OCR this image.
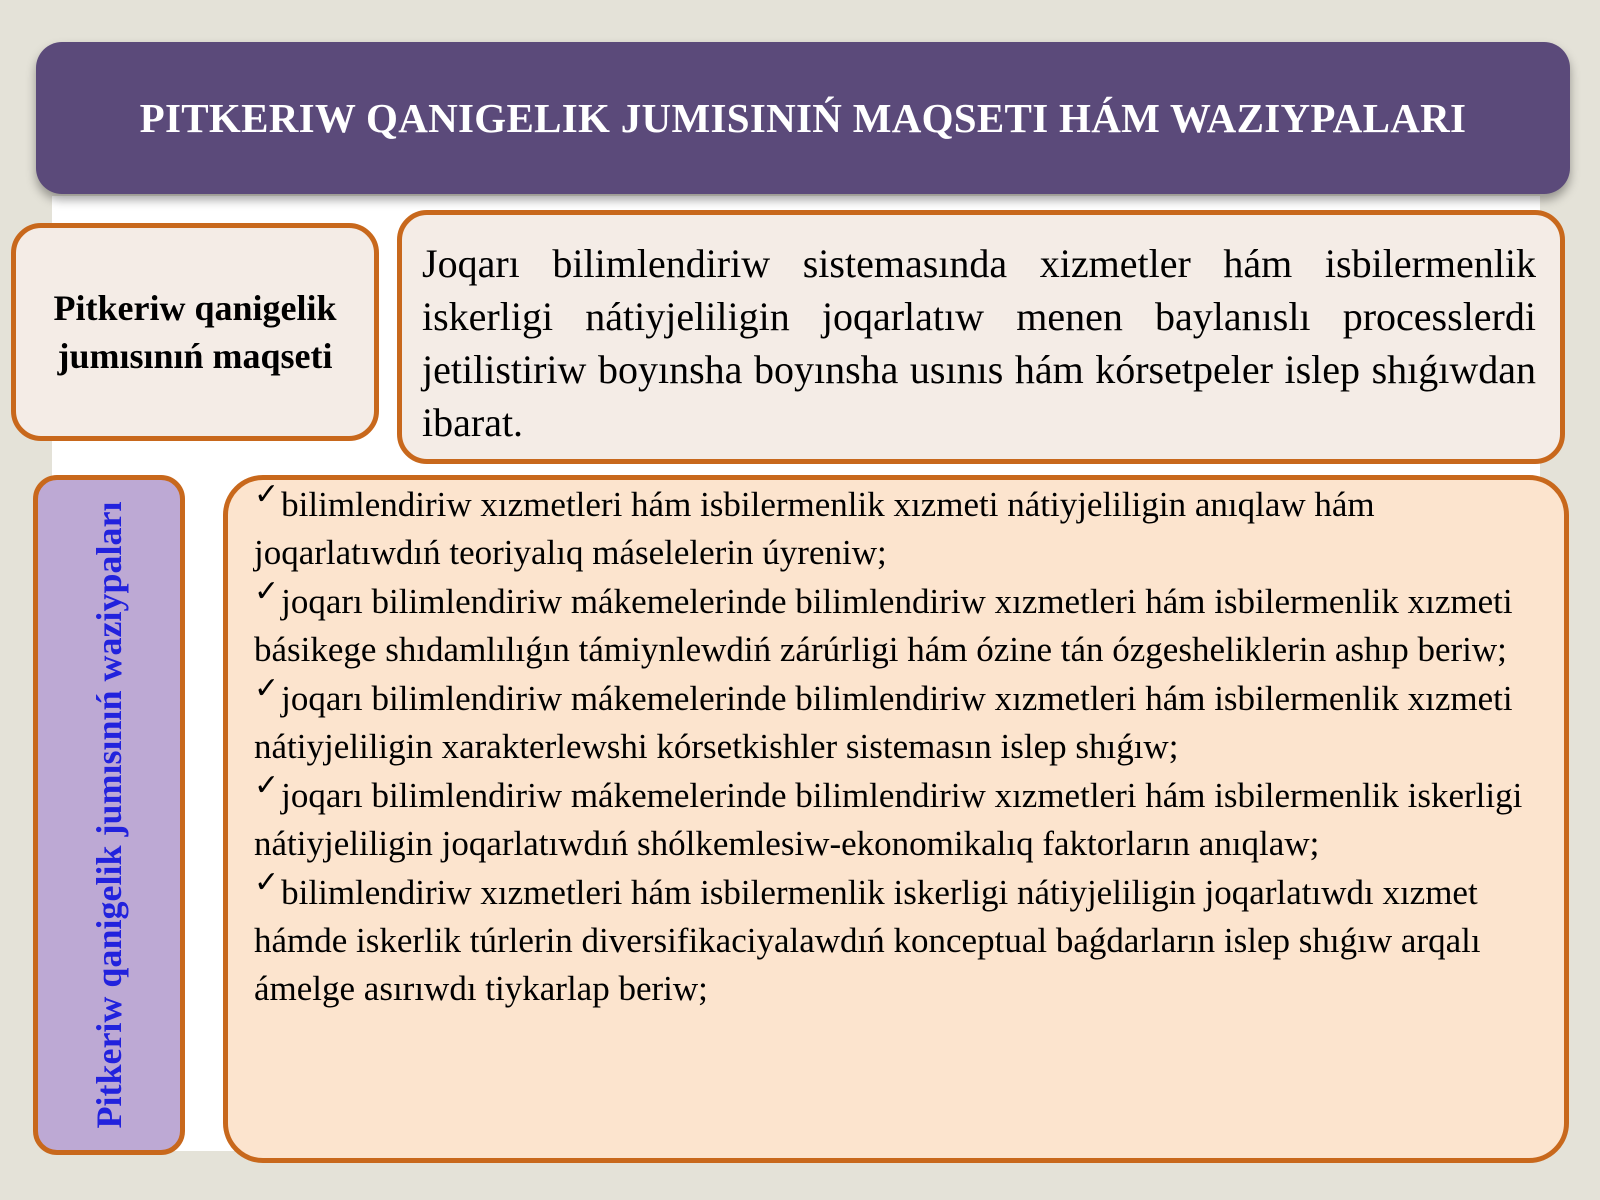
PITKERIW QANIGELIK JUMISINIŃ MAQSETI HÁM WAZIYPALARI
Pitkeriw qanigelik jumısınıń maqseti

Joqarı bilimlendiriw sistemasında xizmetler hám isbilermenlik iskerligi nátiyjeliligin joqarlatıw menen baylanıslı processlerdi jetilistiriw boyınsha boyınsha usınıs hám kórsetpeler islep shıǵıwdan ibarat.

Pitkeriw qanigelik jumısınıń waziypaları
✓bilimlendiriw xızmetleri hám isbilermenlik xızmeti nátiyjeliligin anıqlaw hám joqarlatıwdıń teoriyalıq máselelerin úyreniw;
✓joqarı bilimlendiriw mákemelerinde bilimlendiriw xızmetleri hám isbilermenlik xızmeti básikege shıdamlılıǵın támiynlewdiń zárúrligi hám ózine tán ózgesheliklerin ashıp beriw;
✓joqarı bilimlendiriw mákemelerinde bilimlendiriw xızmetleri hám isbilermenlik xızmeti nátiyjeliligin xarakterlewshi kórsetkishler sistemasın islep shıǵıw;
✓joqarı bilimlendiriw mákemelerinde bilimlendiriw xızmetleri hám isbilermenlik iskerligi nátiyjeliligin joqarlatıwdıń shólkemlesiw-ekonomikalıq faktorların anıqlaw;
✓bilimlendiriw xızmetleri hám isbilermenlik iskerligi nátiyjeliligin joqarlatıwdı xızmet hámde iskerlik túrlerin diversifikaciyalawdıń konceptual baǵdarların islep shıǵıw arqalı ámelge asırıwdı tiykarlap beriw;
